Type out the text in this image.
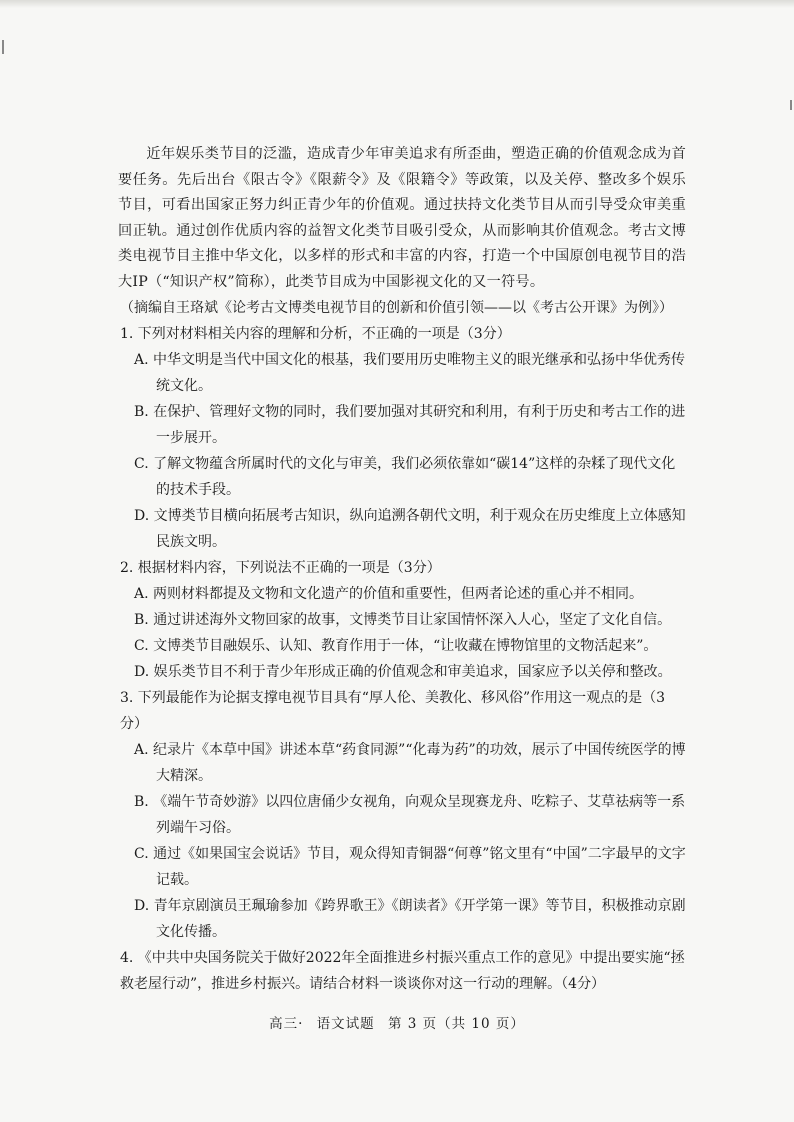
近年娱乐类节目的泛滥，造成青少年审美追求有所歪曲，塑造正确的价值观念成为首要任务。先后出台《限古令》《限薪令》及《限籍令》等政策，以及关停、整改多个娱乐节目，可看出国家正努力纠正青少年的价值观。通过扶持文化类节目从而引导受众审美重回正轨。通过创作优质内容的益智文化类节目吸引受众，从而影响其价值观念。考古文博类电视节目主推中华文化，以多样的形式和丰富的内容，打造一个中国原创电视节目的浩大IP（“知识产权”简称），此类节目成为中国影视文化的又一符号。

（摘编自王珞斌《论考古文博类电视节目的创新和价值引领——以《考古公开课》为例》）

1. 下列对材料相关内容的理解和分析，不正确的一项是（3分）

A. 中华文明是当代中国文化的根基，我们要用历史唯物主义的眼光继承和弘扬中华优秀传统文化。

B. 在保护、管理好文物的同时，我们要加强对其研究和利用，有利于历史和考古工作的进一步展开。

C. 了解文物蕴含所属时代的文化与审美，我们必须依靠如“碳14”这样的杂糅了现代文化的技术手段。

D. 文博类节目横向拓展考古知识，纵向追溯各朝代文明，利于观众在历史维度上立体感知民族文明。

2. 根据材料内容，下列说法不正确的一项是（3分）

A. 两则材料都提及文物和文化遗产的价值和重要性，但两者论述的重心并不相同。

B. 通过讲述海外文物回家的故事，文博类节目让家国情怀深入人心，坚定了文化自信。

C. 文博类节目融娱乐、认知、教育作用于一体，“让收藏在博物馆里的文物活起来”。

D. 娱乐类节目不利于青少年形成正确的价值观念和审美追求，国家应予以关停和整改。

3. 下列最能作为论据支撑电视节目具有“厚人伦、美教化、移风俗”作用这一观点的是（3分）

A. 纪录片《本草中国》讲述本草“药食同源”“化毒为药”的功效，展示了中国传统医学的博大精深。

B. 《端午节奇妙游》以四位唐俑少女视角，向观众呈现赛龙舟、吃粽子、艾草祛病等一系列端午习俗。

C. 通过《如果国宝会说话》节目，观众得知青铜器“何尊”铭文里有“中国”二字最早的文字记载。

D. 青年京剧演员王珮瑜参加《跨界歌王》《朗读者》《开学第一课》等节目，积极推动京剧文化传播。

4. 《中共中央国务院关于做好2022年全面推进乡村振兴重点工作的意见》中提出要实施“拯救老屋行动”，推进乡村振兴。请结合材料一谈谈你对这一行动的理解。（4分）

高三· 语文试题 第 3 页（共 10 页）
